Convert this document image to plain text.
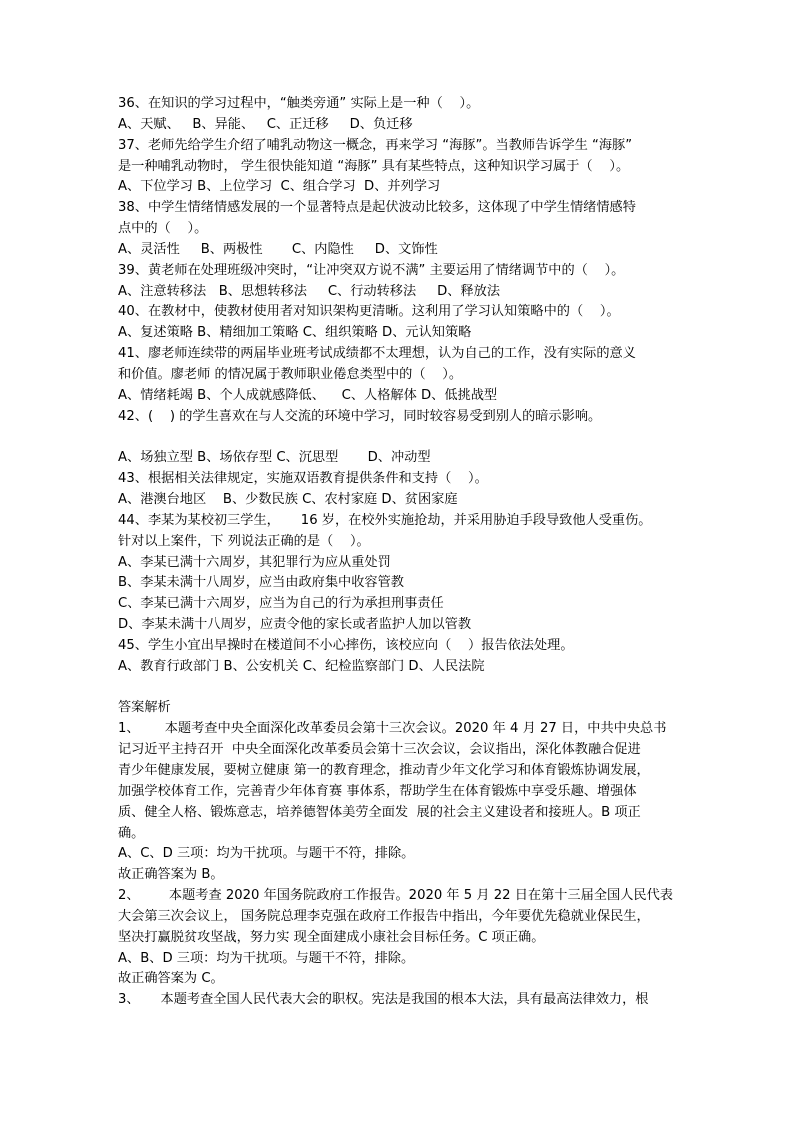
36、在知识的学习过程中，“触类旁通” 实际上是一种（    ）。
A、天赋、   B、异能、   C、正迁移     D、负迁移
37、老师先给学生介绍了哺乳动物这一概念，再来学习 “海豚”。当教师告诉学生 “海豚”
是一种哺乳动物时， 学生很快能知道 “海豚” 具有某些特点，这种知识学习属于（    ）。
A、下位学习 B、上位学习  C、组合学习  D、并列学习
38、中学生情绪情感发展的一个显著特点是起伏波动比较多，这体现了中学生情绪情感特
点中的（    ）。
A、灵活性     B、两极性       C、内隐性     D、文饰性
39、黄老师在处理班级冲突时，“让冲突双方说不满” 主要运用了情绪调节中的（    ）。
A、注意转移法   B、思想转移法     C、行动转移法     D、释放法
40、在教材中，使教材使用者对知识架构更清晰。这利用了学习认知策略中的（    ）。
A、复述策略 B、精细加工策略 C、组织策略 D、元认知策略
41、廖老师连续带的两届毕业班考试成绩都不太理想，认为自己的工作，没有实际的意义
和价值。廖老师 的情况属于教师职业倦怠类型中的（    ）。
A、情绪耗竭 B、个人成就感降低、    C、人格解体 D、低挑战型
42、(    ) 的学生喜欢在与人交流的环境中学习，同时较容易受到别人的暗示影响。
A、场独立型 B、场依存型 C、沉思型       D、冲动型
43、根据相关法律规定，实施双语教育提供条件和支持（    ）。
A、港澳台地区    B、少数民族 C、农村家庭 D、贫困家庭
44、李某为某校初三学生，     16 岁，在校外实施抢劫，并采用胁迫手段导致他人受重伤。
针对以上案件，下 列说法正确的是（    ）。
A、李某已满十六周岁，其犯罪行为应从重处罚
B、李某未满十八周岁，应当由政府集中收容管教
C、李某已满十六周岁，应当为自己的行为承担刑事责任
D、李某未满十八周岁，应责令他的家长或者监护人加以管教
45、学生小宜出早操时在楼道间不小心摔伤，该校应向（    ）报告依法处理。
A、教育行政部门 B、公安机关 C、纪检监察部门 D、人民法院
答案解析
1、      本题考查中央全面深化改革委员会第十三次会议。2020 年 4 月 27 日，中共中央总书
记习近平主持召开  中央全面深化改革委员会第十三次会议，会议指出，深化体教融合促进
青少年健康发展，要树立健康 第一的教育理念，推动青少年文化学习和体育锻炼协调发展，
加强学校体育工作，完善青少年体育赛 事体系，帮助学生在体育锻炼中享受乐趣、增强体
质、健全人格、锻炼意志，培养德智体美劳全面发  展的社会主义建设者和接班人。B 项正
确。
A、C、D 三项：均为干扰项。与题干不符，排除。
故正确答案为 B。
2、       本题考查 2020 年国务院政府工作报告。2020 年 5 月 22 日在第十三届全国人民代表
大会第三次会议上， 国务院总理李克强在政府工作报告中指出，今年要优先稳就业保民生，
坚决打赢脱贫攻坚战，努力实 现全面建成小康社会目标任务。C 项正确。
A、B、D 三项：均为干扰项。与题干不符，排除。
故正确答案为 C。
3、     本题考查全国人民代表大会的职权。宪法是我国的根本大法，具有最高法律效力，根
